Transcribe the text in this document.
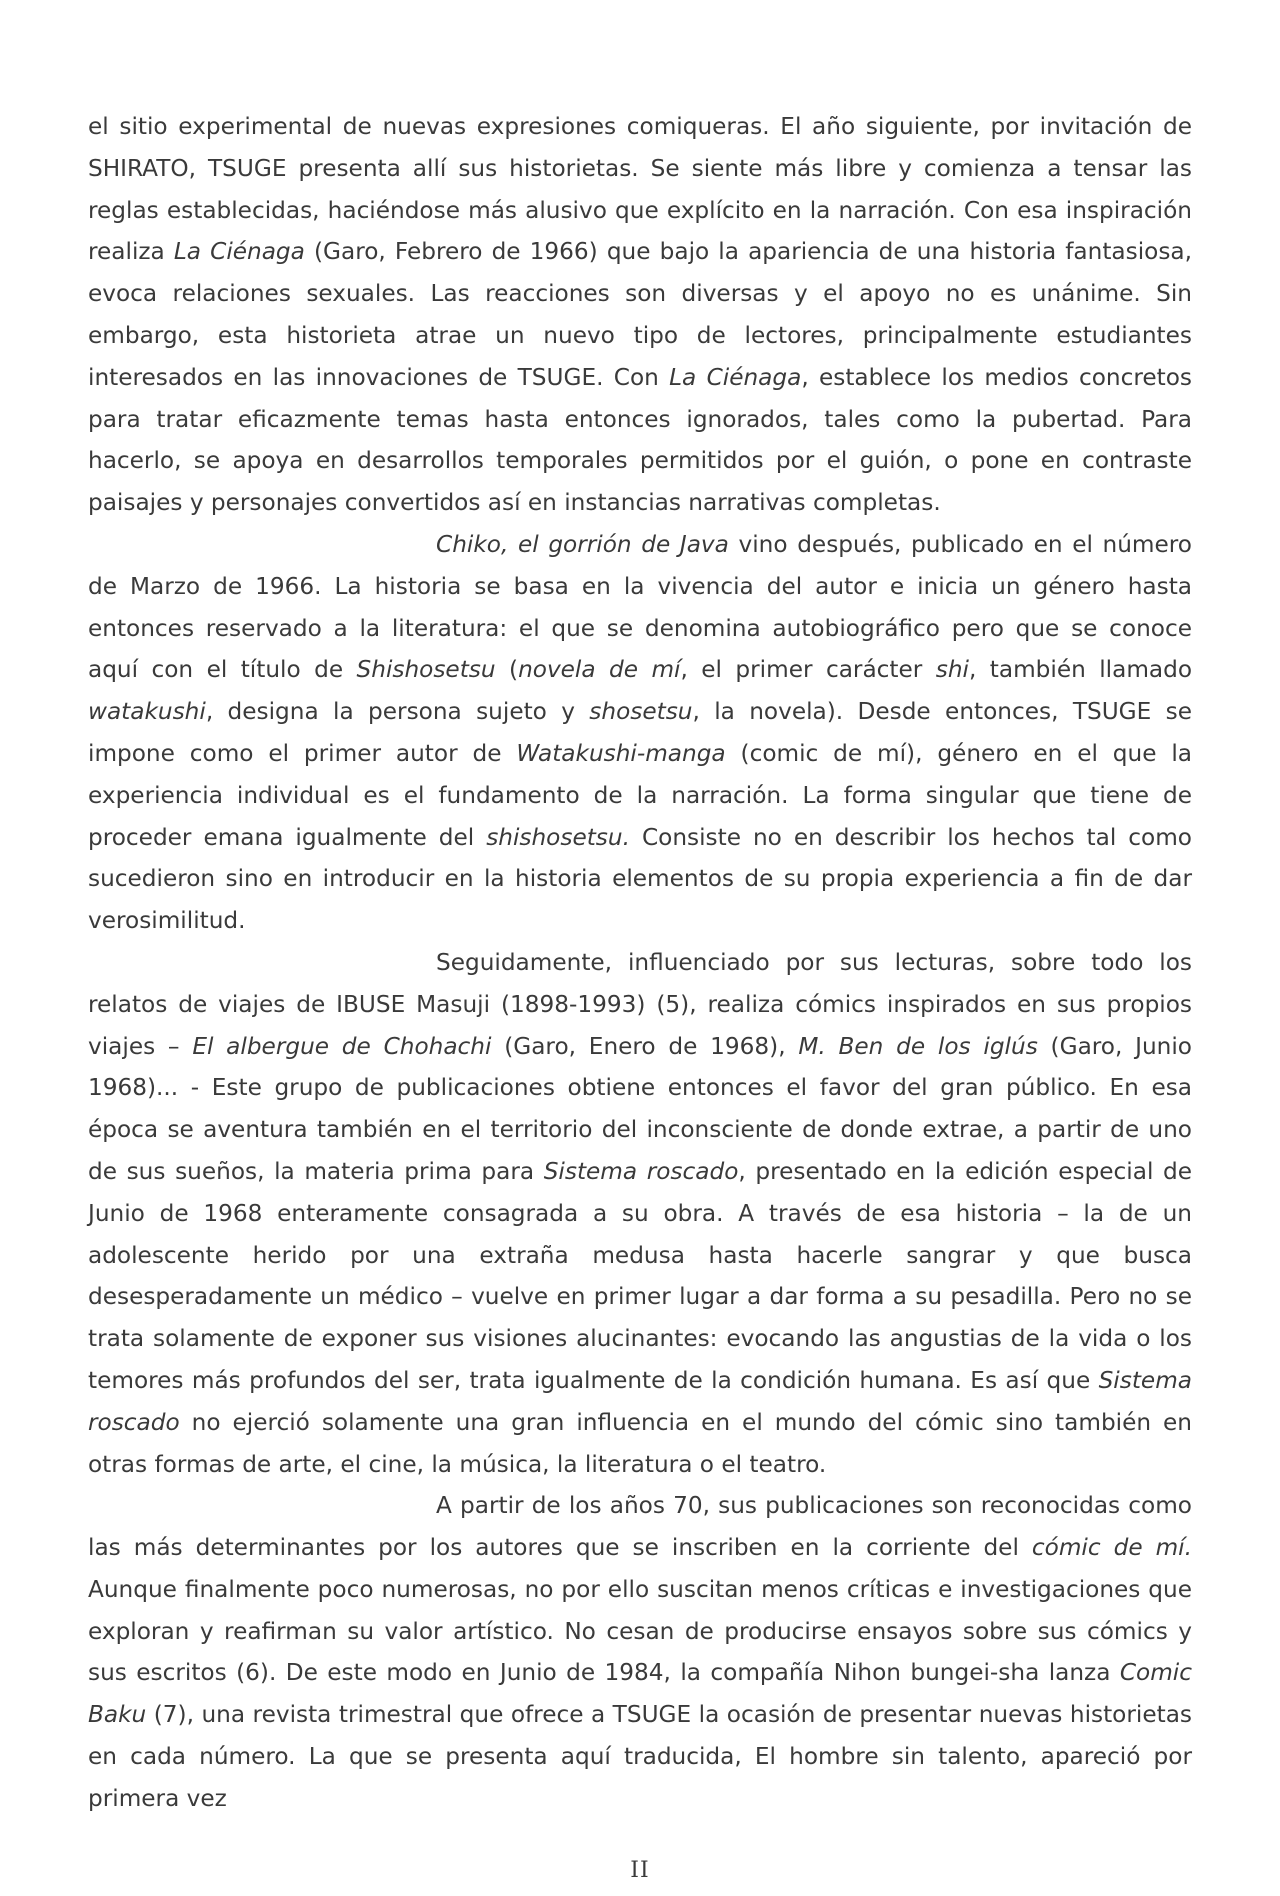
el sitio experimental de nuevas expresiones comiqueras. El año siguiente, por invitación de SHIRATO, TSUGE presenta allí sus historietas. Se siente más libre y comienza a tensar las reglas establecidas, haciéndose más alusivo que explícito en la narración. Con esa inspiración realiza La Ciénaga (Garo, Febrero de 1966) que bajo la apariencia de una historia fantasiosa, evoca relaciones sexuales. Las reacciones son diversas y el apoyo no es unánime. Sin embargo, esta historieta atrae un nuevo tipo de lectores, principalmente estudiantes interesados en las innovaciones de TSUGE. Con La Ciénaga, establece los medios concretos para tratar eficazmente temas hasta entonces ignorados, tales como la pubertad. Para hacerlo, se apoya en desarrollos temporales permitidos por el guión, o pone en contraste paisajes y personajes convertidos así en instancias narrativas completas.

Chiko, el gorrión de Java vino después, publicado en el número de Marzo de 1966. La historia se basa en la vivencia del autor e inicia un género hasta entonces reservado a la literatura: el que se denomina autobiográfico pero que se conoce aquí con el título de Shishosetsu (novela de mí, el primer carácter shi, también llamado watakushi, designa la persona sujeto y shosetsu, la novela). Desde entonces, TSUGE se impone como el primer autor de Watakushi-manga (comic de mí), género en el que la experiencia individual es el fundamento de la narración. La forma singular que tiene de proceder emana igualmente del shishosetsu. Consiste no en describir los hechos tal como sucedieron sino en introducir en la historia elementos de su propia experiencia a fin de dar verosimilitud.

Seguidamente, influenciado por sus lecturas, sobre todo los relatos de viajes de IBUSE Masuji (1898-1993) (5), realiza cómics inspirados en sus propios viajes – El albergue de Chohachi (Garo, Enero de 1968), M. Ben de los iglús (Garo, Junio 1968)... - Este grupo de publicaciones obtiene entonces el favor del gran público. En esa época se aventura también en el territorio del inconsciente de donde extrae, a partir de uno de sus sueños, la materia prima para Sistema roscado, presentado en la edición especial de Junio de 1968 enteramente consagrada a su obra. A través de esa historia – la de un adolescente herido por una extraña medusa hasta hacerle sangrar y que busca desesperadamente un médico – vuelve en primer lugar a dar forma a su pesadilla. Pero no se trata solamente de exponer sus visiones alucinantes: evocando las angustias de la vida o los temores más profundos del ser, trata igualmente de la condición humana. Es así que Sistema roscado no ejerció solamente una gran influencia en el mundo del cómic sino también en otras formas de arte, el cine, la música, la literatura o el teatro.

A partir de los años 70, sus publicaciones son reconocidas como las más determinantes por los autores que se inscriben en la corriente del cómic de mí. Aunque finalmente poco numerosas, no por ello suscitan menos críticas e investigaciones que exploran y reafirman su valor artístico. No cesan de producirse ensayos sobre sus cómics y sus escritos (6). De este modo en Junio de 1984, la compañía Nihon bungei-sha lanza Comic Baku (7), una revista trimestral que ofrece a TSUGE la ocasión de presentar nuevas historietas en cada número. La que se presenta aquí traducida, El hombre sin talento, apareció por primera vez

II
